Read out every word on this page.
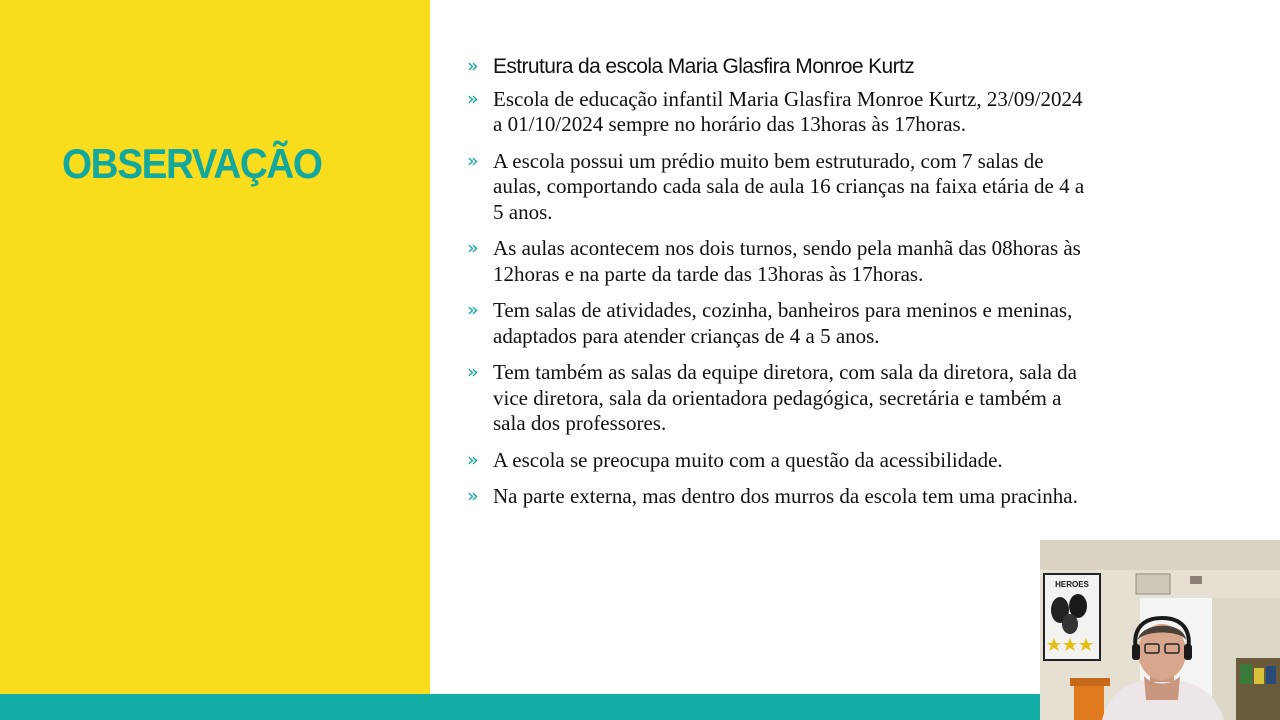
OBSERVAÇÃO
» Estrutura da escola Maria Glasfira Monroe Kurtz
» Escola de educação infantil Maria Glasfira Monroe Kurtz, 23/09/2024 a 01/10/2024 sempre no horário das 13horas às 17horas.
» A escola possui um prédio muito bem estruturado, com 7 salas de aulas, comportando cada sala de aula 16 crianças na faixa etária de 4 a 5 anos.
» As aulas acontecem nos dois turnos, sendo pela manhã das 08horas às 12horas e na parte da tarde das 13horas às 17horas.
» Tem salas de atividades, cozinha, banheiros para meninos e meninas, adaptados para atender crianças de 4 a 5 anos.
» Tem também as salas da equipe diretora, com sala da diretora, sala da vice diretora, sala da orientadora pedagógica, secretária e também a sala dos professores.
» A escola se preocupa muito com a questão da acessibilidade.
» Na parte externa, mas dentro dos murros da escola tem uma pracinha.
HEROES
